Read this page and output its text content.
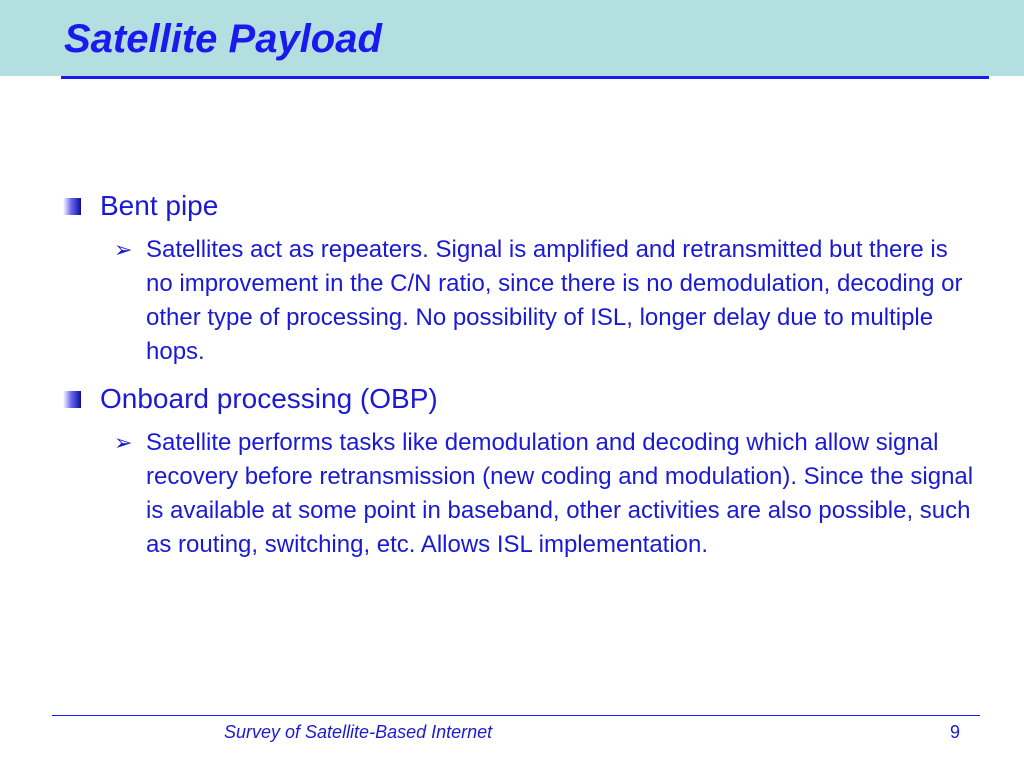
Satellite Payload
Bent pipe
➢ Satellites act as repeaters. Signal is amplified and retransmitted but there is no improvement in the C/N ratio, since there is no demodulation, decoding or other type of processing. No possibility of ISL, longer delay due to multiple hops.
Onboard processing (OBP)
➢ Satellite performs tasks like demodulation and decoding which allow signal recovery before retransmission (new coding and modulation). Since the signal is available at some point in baseband, other activities are also possible, such as routing, switching, etc. Allows ISL implementation.
Survey of Satellite-Based Internet	9
